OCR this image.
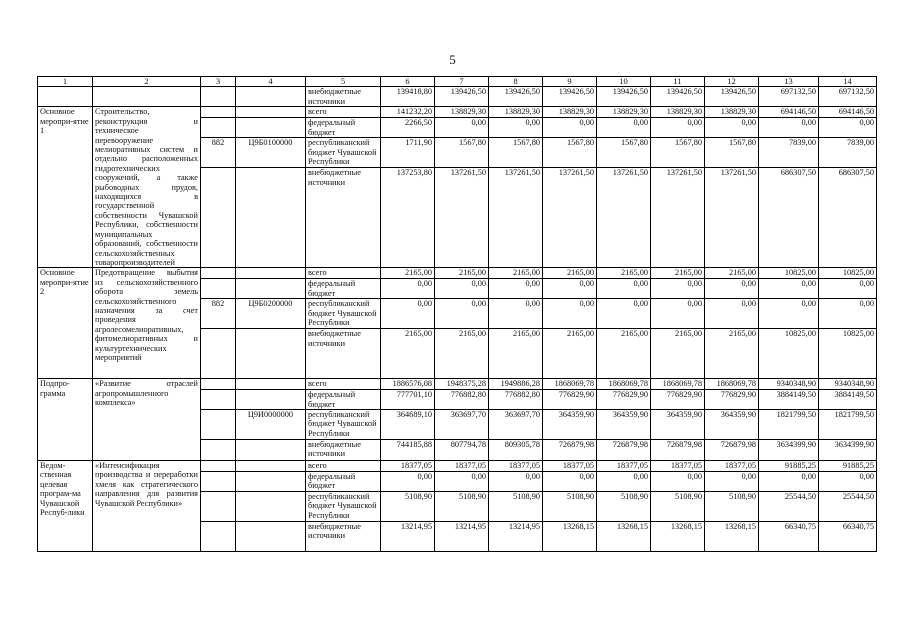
5
1	2	3	4	5	6	7	8	9	10	11	12	13	14
				внебюджетные источники	139418,80	139426,50	139426,50	139426,50	139426,50	139426,50	139426,50	697132,50	697132,50
Основное меропри-ятие 1	Строительство, реконструкция и техническое перевооружение мелиоративных систем и отдельно расположенных гидротехнических сооружений, а также рыбоводных прудов, находящихся в государственной собственности Чувашской Республики, собственности муниципальных образований, собственности сельскохозяйственных товаропроизводителей			всего	141232,20	138829,30	138829,30	138829,30	138829,30	138829,30	138829,30	694146,50	694146,50
				федеральный бюджет	2266,50	0,00	0,00	0,00	0,00	0,00	0,00	0,00	0,00
		882	Ц9Б0100000	республиканский бюджет Чувашской Республики	1711,90	1567,80	1567,80	1567,80	1567,80	1567,80	1567,80	7839,00	7839,00
				внебюджетные источники	137253,80	137261,50	137261,50	137261,50	137261,50	137261,50	137261,50	686307,50	686307,50
Основное меропри-ятие 2	Предотвращение выбытия из сельскохозяйственного оборота земель сельскохозяйственного назначения за счет проведения агролесомелиоративных, фитомелиоративных и культуртехнических мероприятий			всего	2165,00	2165,00	2165,00	2165,00	2165,00	2165,00	2165,00	10825,00	10825,00
				федеральный бюджет	0,00	0,00	0,00	0,00	0,00	0,00	0,00	0,00	0,00
		882	Ц9Б0200000	республиканский бюджет Чувашской Республики	0,00	0,00	0,00	0,00	0,00	0,00	0,00	0,00	0,00
				внебюджетные источники	2165,00	2165,00	2165,00	2165,00	2165,00	2165,00	2165,00	10825,00	10825,00
Подпро-грамма	«Развитие отраслей агропромышленного комплекса»			всего	1886576,08	1948375,28	1949886,28	1868069,78	1868069,78	1868069,78	1868069,78	9340348,90	9340348,90
				федеральный бюджет	777701,10	776882,80	776882,80	776829,90	776829,90	776829,90	776829,90	3884149,50	3884149,50
			Ц9И0000000	республиканский бюджет Чувашской Республики	364689,10	363697,70	363697,70	364359,90	364359,90	364359,90	364359,90	1821799,50	1821799,50
				внебюджетные источники	744185,88	807794,78	809305,78	726879,98	726879,98	726879,98	726879,98	3634399,90	3634399,90
Ведом-ственная целевая програм-ма Чувашской Респуб-лики	«Интенсификация производства и переработки хмеля как стратегического направления для развития Чувашской Республики»			всего	18377,05	18377,05	18377,05	18377,05	18377,05	18377,05	18377,05	91885,25	91885,25
				федеральный бюджет	0,00	0,00	0,00	0,00	0,00	0,00	0,00	0,00	0,00
				республиканский бюджет Чувашской Республики	5108,90	5108,90	5108,90	5108,90	5108,90	5108,90	5108,90	25544,50	25544,50
				внебюджетные источники	13214,95	13214,95	13214,95	13268,15	13268,15	13268,15	13268,15	66340,75	66340,75
